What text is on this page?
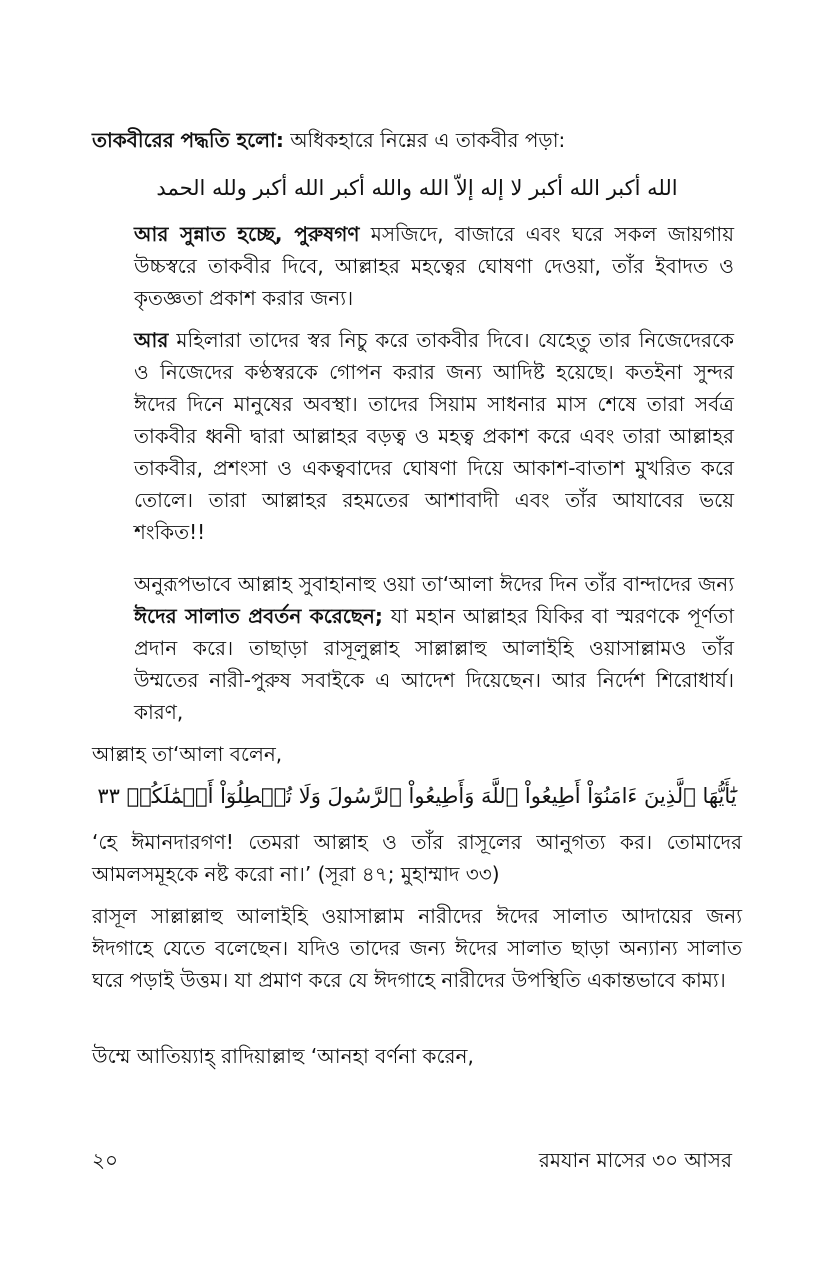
তাকবীরের পদ্ধতি হলো: অধিকহারে নিম্নের এ তাকবীর পড়া:

الله أكبر الله أكبر لا إله إلاّ الله والله أكبر الله أكبر ولله الحمد

আর সুন্নাত হচ্ছে, পুরুষগণ মসজিদে, বাজারে এবং ঘরে সকল জায়গায় উচ্চস্বরে তাকবীর দিবে, আল্লাহর মহত্বের ঘোষণা দেওয়া, তাঁর ইবাদত ও কৃতজ্ঞতা প্রকাশ করার জন্য।

আর মহিলারা তাদের স্বর নিচু করে তাকবীর দিবে। যেহেতু তার নিজেদেরকে ও নিজেদের কণ্ঠস্বরকে গোপন করার জন্য আদিষ্ট হয়েছে। কতইনা সুন্দর ঈদের দিনে মানুষের অবস্থা। তাদের সিয়াম সাধনার মাস শেষে তারা সর্বত্র তাকবীর ধ্বনী দ্বারা আল্লাহর বড়ত্ব ও মহত্ব প্রকাশ করে এবং তারা আল্লাহর তাকবীর, প্রশংসা ও একত্ববাদের ঘোষণা দিয়ে আকাশ-বাতাশ মুখরিত করে তোলে। তারা আল্লাহর রহমতের আশাবাদী এবং তাঁর আযাবের ভয়ে শংকিত!!

অনুরূপভাবে আল্লাহ সুবাহানাহু ওয়া তা‘আলা ঈদের দিন তাঁর বান্দাদের জন্য ঈদের সালাত প্রবর্তন করেছেন; যা মহান আল্লাহর যিকির বা স্মরণকে পূর্ণতা প্রদান করে। তাছাড়া রাসূলুল্লাহ সাল্লাল্লাহু আলাইহি ওয়াসাল্লামও তাঁর উম্মতের নারী-পুরুষ সবাইকে এ আদেশ দিয়েছেন। আর নির্দেশ শিরোধার্য। কারণ,

আল্লাহ তা‘আলা বলেন,
يَٰٓأَيُّهَا ٱلَّذِينَ ءَامَنُوٓاْ أَطِيعُواْ ٱللَّهَ وَأَطِيعُواْ ٱلرَّسُولَ وَلَا تُبۡطِلُوٓاْ أَعۡمَٰلَكُمۡ ٣٣

‘হে ঈমানদারগণ! তেমরা আল্লাহ ও তাঁর রাসূলের আনুগত্য কর। তোমাদের আমলসমূহকে নষ্ট করো না।’ (সূরা ৪৭; মুহাম্মাদ ৩৩)

রাসূল সাল্লাল্লাহু আলাইহি ওয়াসাল্লাম নারীদের ঈদের সালাত আদায়ের জন্য ঈদগাহে যেতে বলেছেন। যদিও তাদের জন্য ঈদের সালাত ছাড়া অন্যান্য সালাত ঘরে পড়াই উত্তম। যা প্রমাণ করে যে ঈদগাহে নারীদের উপস্থিতি একান্তভাবে কাম্য।

উম্মে আতিয়্যাহ্ রাদিয়াল্লাহু ‘আনহা বর্ণনা করেন,
২০	রমযান মাসের ৩০ আসর
